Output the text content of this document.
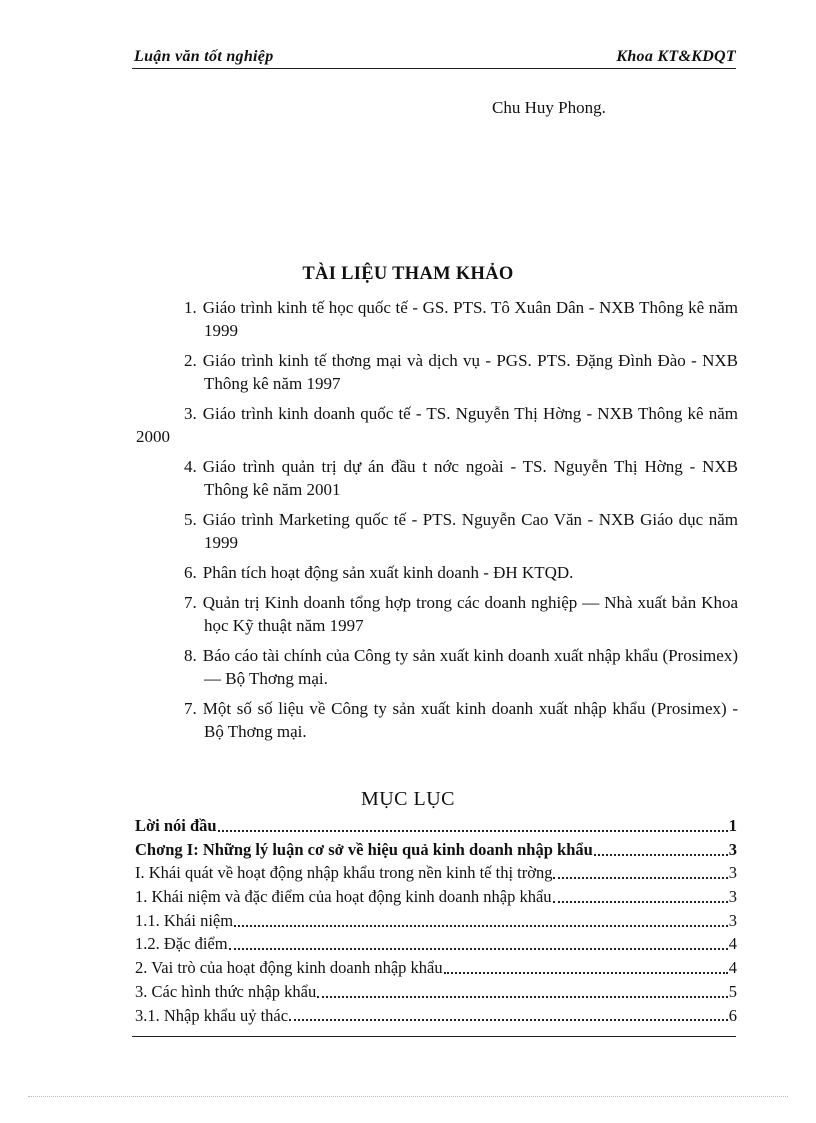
Luận văn tốt nghiệp	Khoa KT&KDQT
Chu Huy Phong.
TÀI LIỆU THAM KHẢO
1. Giáo trình kinh tế học quốc tế - GS. PTS. Tô Xuân Dân - NXB Thông kê năm 1999
2. Giáo trình kinh tế thơng mại và dịch vụ - PGS. PTS. Đặng Đình Đào - NXB Thông kê năm 1997
3. Giáo trình kinh doanh quốc tế - TS. Nguyễn Thị Hờng - NXB Thông kê năm 2000
4. Giáo trình quản trị dự án đầu t nớc ngoài - TS. Nguyễn Thị Hờng - NXB Thông kê năm 2001
5. Giáo trình Marketing quốc tế - PTS. Nguyễn Cao Văn - NXB Giáo dục năm 1999
6. Phân tích hoạt động sản xuất kinh doanh - ĐH KTQD.
7. Quản trị Kinh doanh tổng hợp trong các doanh nghiệp — Nhà xuất bản Khoa học Kỹ thuật năm 1997
8. Báo cáo tài chính của Công ty sản xuất kinh doanh xuất nhập khẩu (Prosimex) — Bộ Thơng mại.
7. Một số số liệu về Công ty sản xuất kinh doanh xuất nhập khẩu (Prosimex) - Bộ Thơng mại.
MỤC LỤC
Lời nói đầu	1
Chơng I: Những lý luận cơ sở về hiệu quả kinh doanh nhập khẩu	3
I. Khái quát về hoạt động nhập khẩu trong nền kinh tế thị trờng	3
1. Khái niệm và đặc điểm của hoạt động kinh doanh nhập khẩu	3
1.1. Khái niệm	3
1.2. Đặc điểm	4
2. Vai trò của hoạt động kinh doanh nhập khẩu	4
3. Các hình thức nhập khẩu	5
3.1. Nhập khẩu uỷ thác	6
